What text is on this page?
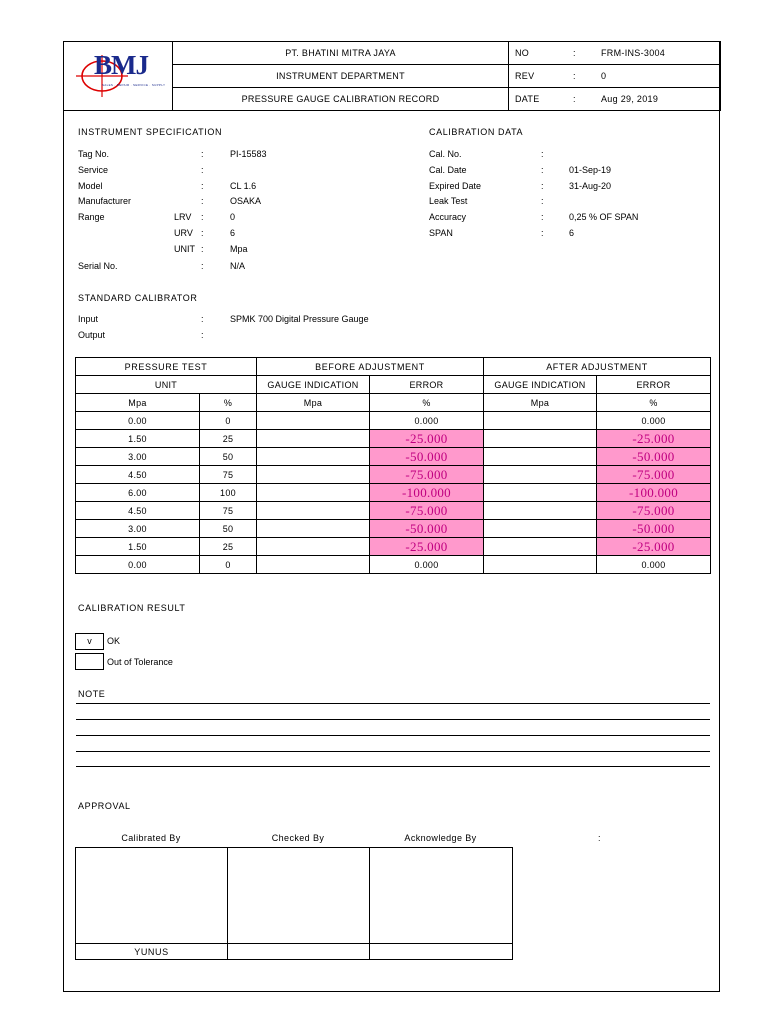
BMJ
SALES · REPAIR · SERVICE · SUPPLY	PT. BHATINI MITRA JAYA	NO : FRM-INS-3004

	INSTRUMENT DEPARTMENT	REV : 0

	PRESSURE GAUGE CALIBRATION RECORD	DATE : Aug 29, 2019
INSTRUMENT SPECIFICATION
Tag No.	:	PI-15583
Service	:
Model	:	CL 1.6
Manufacturer	:	OSAKA
Range	LRV :	0
URV :	6
UNIT :	Mpa
Serial No.	:	N/A
CALIBRATION DATA
Cal. No.	:
Cal. Date	:	01-Sep-19
Expired Date	:	31-Aug-20
Leak Test	:
Accuracy	:	0,25 % OF SPAN
SPAN	:	6
STANDARD CALIBRATOR
Input	:	SPMK 700 Digital Pressure Gauge
Output	:
PRESSURE TEST		BEFORE ADJUSTMENT		AFTER ADJUSTMENT	
UNIT		GAUGE INDICATION	ERROR	GAUGE INDICATION	ERROR
Mpa	%	Mpa	%	Mpa	%
0.00	0		0.000		0.000
1.50	25		-25.000		-25.000
3.00	50		-50.000		-50.000
4.50	75		-75.000		-75.000
6.00	100		-100.000		-100.000
4.50	75		-75.000		-75.000
3.00	50		-50.000		-50.000
1.50	25		-25.000		-25.000
0.00	0		0.000		0.000
CALIBRATION RESULT
v	OK
Out of Tolerance
NOTE
APPROVAL
Calibrated By	Checked By	Acknowledge By	:

YUNUS		
